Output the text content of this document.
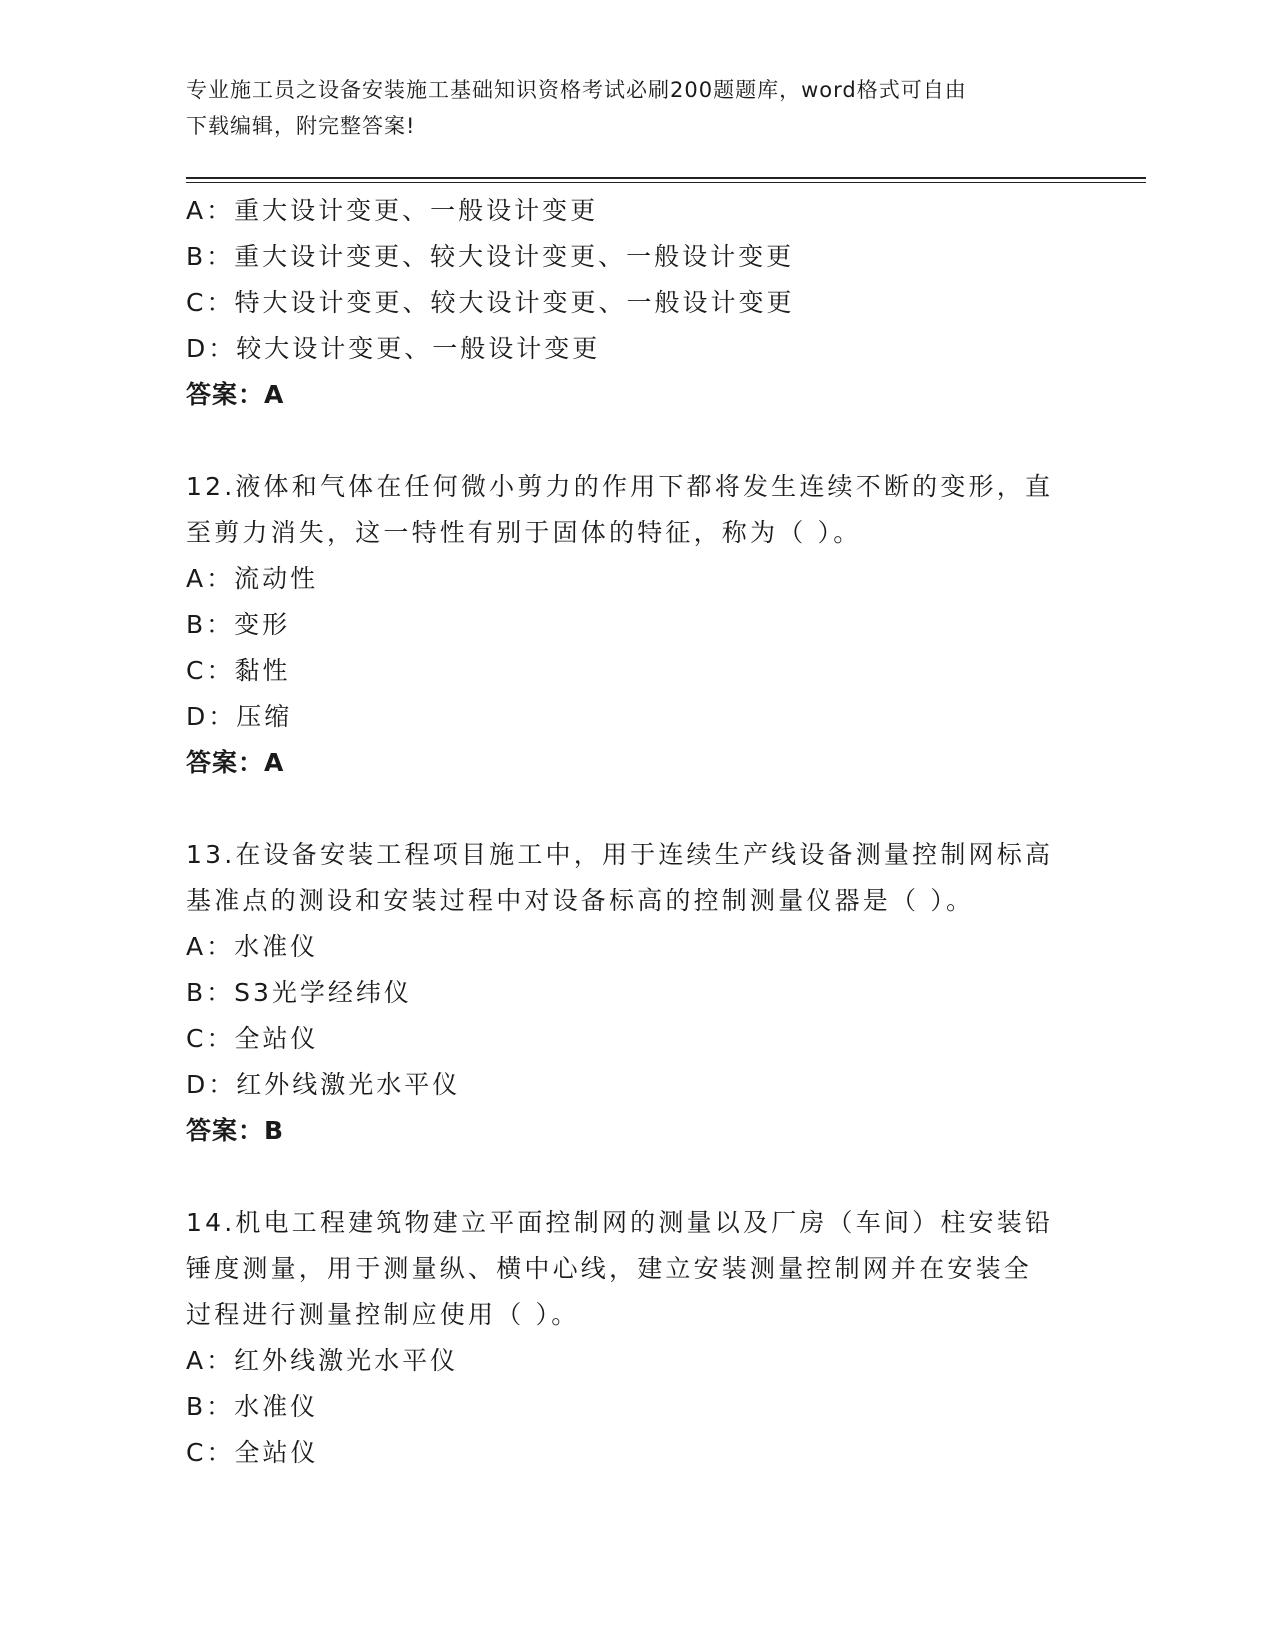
专业施工员之设备安装施工基础知识资格考试必刷200题题库，word格式可自由
下载编辑，附完整答案!
A：重大设计变更、一般设计变更
B：重大设计变更、较大设计变更、一般设计变更
C：特大设计变更、较大设计变更、一般设计变更
D：较大设计变更、一般设计变更
答案：A
12.液体和气体在任何微小剪力的作用下都将发生连续不断的变形，直
至剪力消失，这一特性有别于固体的特征，称为（ ）。
A：流动性
B：变形
C：黏性
D：压缩
答案：A
13.在设备安装工程项目施工中，用于连续生产线设备测量控制网标高
基准点的测设和安装过程中对设备标高的控制测量仪器是（ ）。
A：水准仪
B：S3光学经纬仪
C：全站仪
D：红外线激光水平仪
答案：B
14.机电工程建筑物建立平面控制网的测量以及厂房（车间）柱安装铅
锤度测量，用于测量纵、横中心线，建立安装测量控制网并在安装全
过程进行测量控制应使用（ ）。
A：红外线激光水平仪
B：水准仪
C：全站仪
